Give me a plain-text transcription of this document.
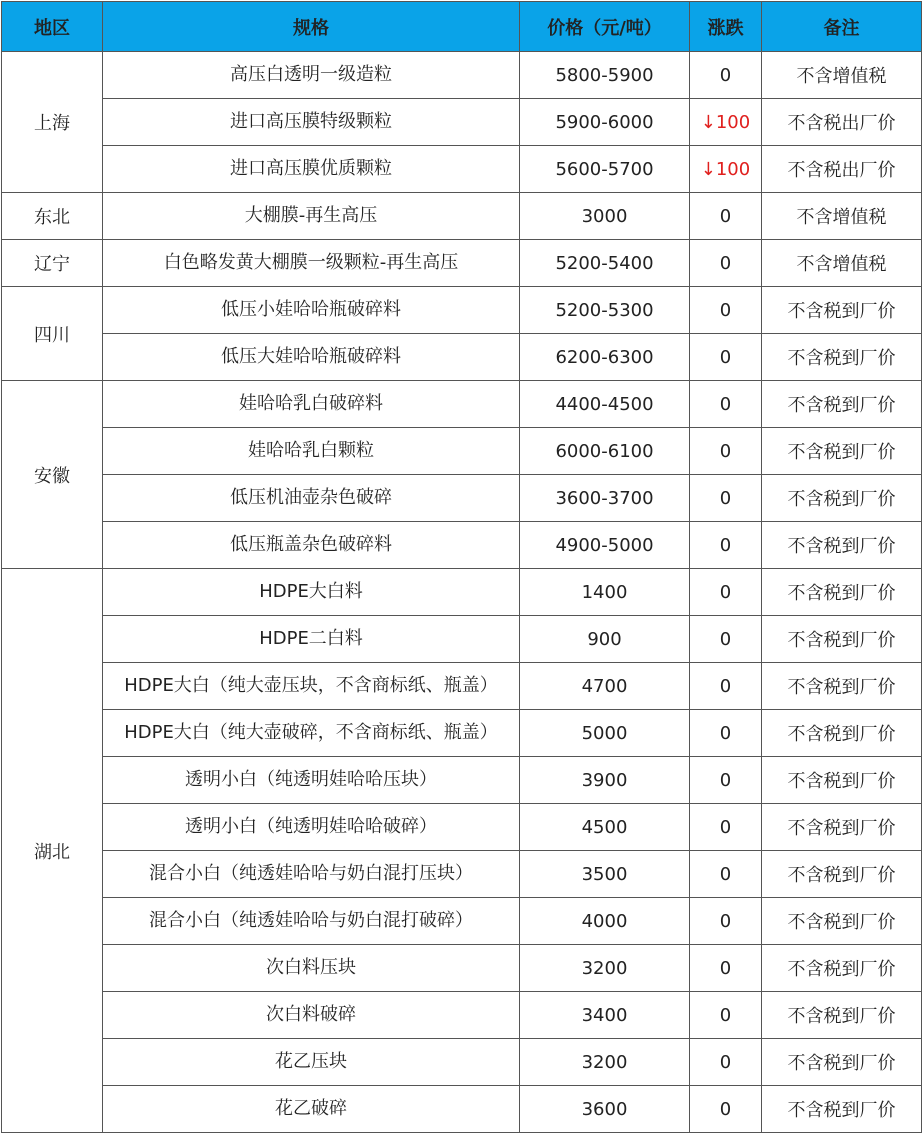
地区	规格	价格（元/吨）	涨跌	备注
上海	高压白透明一级造粒	5800-5900	0	不含增值税

	进口高压膜特级颗粒	5900-6000	↓100	不含税出厂价

	进口高压膜优质颗粒	5600-5700	↓100	不含税出厂价
东北	大棚膜-再生高压	3000	0	不含增值税
辽宁	白色略发黄大棚膜一级颗粒-再生高压	5200-5400	0	不含增值税
四川	低压小娃哈哈瓶破碎料	5200-5300	0	不含税到厂价

	低压大娃哈哈瓶破碎料	6200-6300	0	不含税到厂价
安徽	娃哈哈乳白破碎料	4400-4500	0	不含税到厂价

	娃哈哈乳白颗粒	6000-6100	0	不含税到厂价

	低压机油壶杂色破碎	3600-3700	0	不含税到厂价

	低压瓶盖杂色破碎料	4900-5000	0	不含税到厂价
湖北	HDPE大白料	1400	0	不含税到厂价

	HDPE二白料	900	0	不含税到厂价

	HDPE大白（纯大壶压块，不含商标纸、瓶盖）	4700	0	不含税到厂价

	HDPE大白（纯大壶破碎，不含商标纸、瓶盖）	5000	0	不含税到厂价

	透明小白（纯透明娃哈哈压块）	3900	0	不含税到厂价

	透明小白（纯透明娃哈哈破碎）	4500	0	不含税到厂价

	混合小白（纯透娃哈哈与奶白混打压块）	3500	0	不含税到厂价

	混合小白（纯透娃哈哈与奶白混打破碎）	4000	0	不含税到厂价

	次白料压块	3200	0	不含税到厂价

	次白料破碎	3400	0	不含税到厂价

	花乙压块	3200	0	不含税到厂价

	花乙破碎	3600	0	不含税到厂价
